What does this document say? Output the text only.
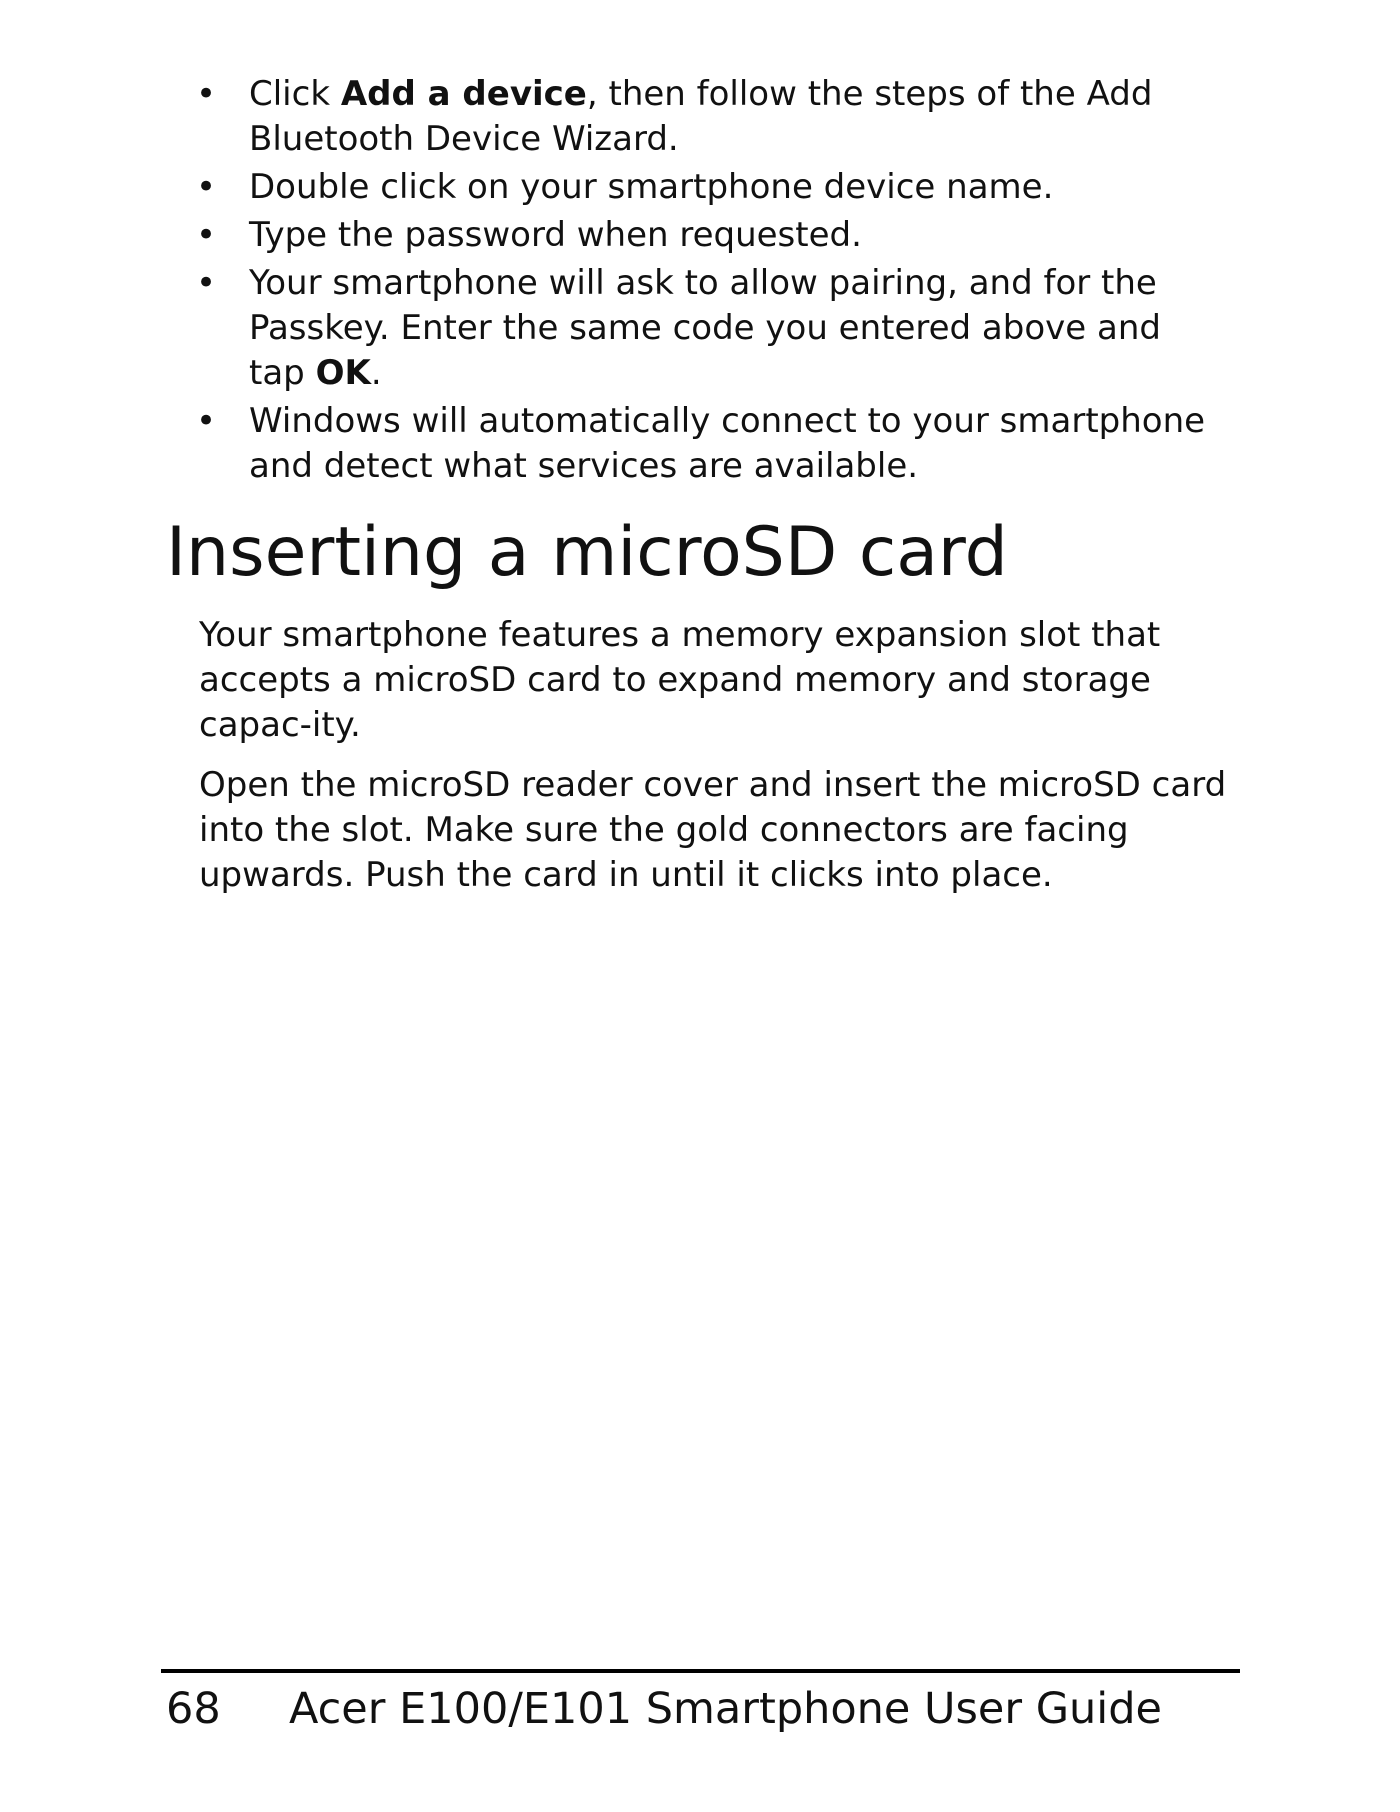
• Click Add a device, then follow the steps of the Add Bluetooth Device Wizard.
• Double click on your smartphone device name.
• Type the password when requested.
• Your smartphone will ask to allow pairing, and for the Passkey. Enter the same code you entered above and tap OK.
• Windows will automatically connect to your smartphone and detect what services are available.
Inserting a microSD card

Your smartphone features a memory expansion slot that accepts a microSD card to expand memory and storage capac-ity.

Open the microSD reader cover and insert the microSD card into the slot. Make sure the gold connectors are facing upwards. Push the card in until it clicks into place.

68 Acer E100/E101 Smartphone User Guide
